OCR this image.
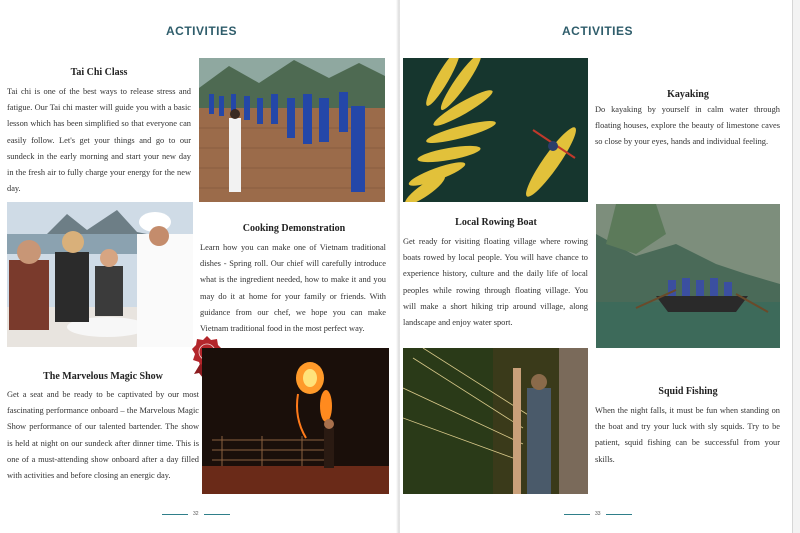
ACTIVITIES
Tai Chi Class
Tai chi is one of the best ways to release stress and fatigue. Our Tai chi master will guide you with a basic lesson which has been simplified so that everyone can easily follow. Let's get your things and go to our sundeck in the early morning and start your new day in the fresh air to fully charge your energy for the new day.
Cooking Demonstration
Learn how you can make one of Vietnam traditional dishes - Spring roll. Our chief will carefully introduce what is the ingredient needed, how to make it and you may do it at home for your family or friends. With guidance from our chef, we hope you can make Vietnam traditional food in the most perfect way.
The Marvelous Magic Show
Get a seat and be ready to be captivated by our most fascinating performance onboard – the Marvelous Magic Show performance of our talented bartender. The show is held at night on our sundeck after dinner time. This is one of a must-attending show onboard after a day filled with activities and before closing an energic day.
32
ACTIVITIES
Kayaking
Do kayaking by yourself in calm water through floating houses, explore the beauty of limestone caves so close by your eyes, hands and individual feeling.
Local Rowing Boat
Get ready for visiting floating village where rowing boats rowed by local people. You will have chance to experience history, culture and the daily life of local peoples while rowing through floating village. You will make a short hiking trip around village, along landscape and enjoy water sport.
Squid Fishing
When the night falls, it must be fun when standing on the boat and try your luck with sly squids. Try to be patient, squid fishing can be successful from your skills.
33
